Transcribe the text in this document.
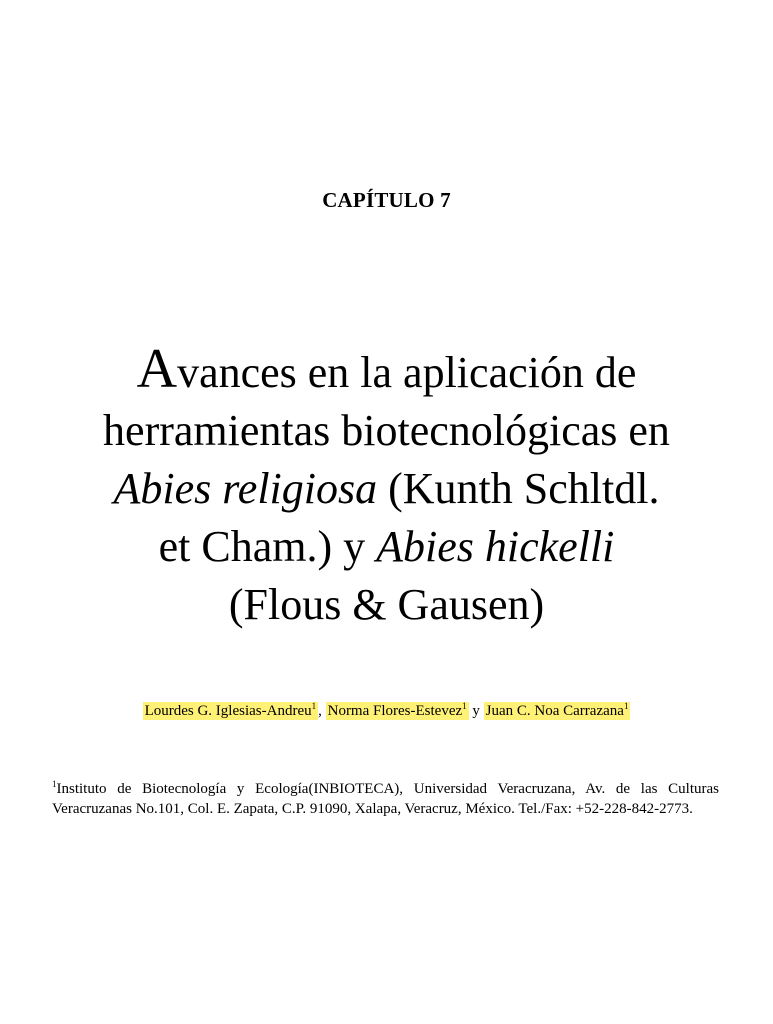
CAPÍTULO 7
Avances en la aplicación de
herramientas biotecnológicas en
Abies religiosa (Kunth Schltdl.
et Cham.) y Abies hickelli
(Flous & Gausen)
Lourdes G. Iglesias-Andreu$^1$ , Norma Flores-Estevez$^1$ y Juan C. Noa Carrazana$^1$
$^1$Instituto de Biotecnología y Ecología(INBIOTECA), Universidad Veracruzana, Av. de las Culturas Veracruzanas No.101, Col. E. Zapata, C.P. 91090, Xalapa, Veracruz, México. Tel./Fax: +52-228-842-2773.
